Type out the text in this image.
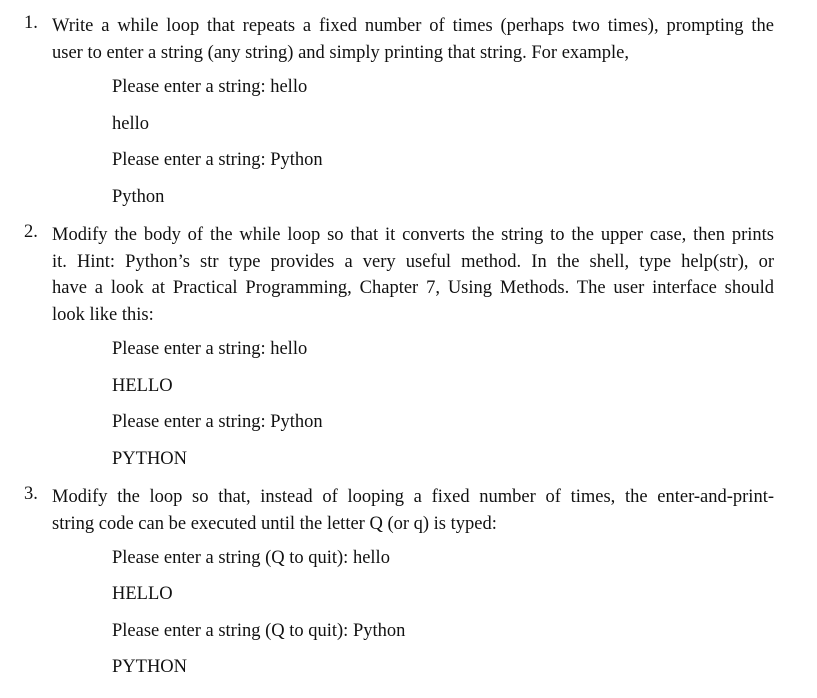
1. Write a while loop that repeats a fixed number of times (perhaps two times), prompting the
user to enter a string (any string) and simply printing that string. For example,
Please enter a string: hello
hello
Please enter a string: Python
Python
2. Modify the body of the while loop so that it converts the string to the upper case, then prints
it. Hint: Python’s str type provides a very useful method. In the shell, type help(str), or
have a look at Practical Programming, Chapter 7, Using Methods. The user interface should
look like this:
Please enter a string: hello
HELLO
Please enter a string: Python
PYTHON
3. Modify the loop so that, instead of looping a fixed number of times, the enter-and-print-
string code can be executed until the letter Q (or q) is typed:
Please enter a string (Q to quit): hello
HELLO
Please enter a string (Q to quit): Python
PYTHON
